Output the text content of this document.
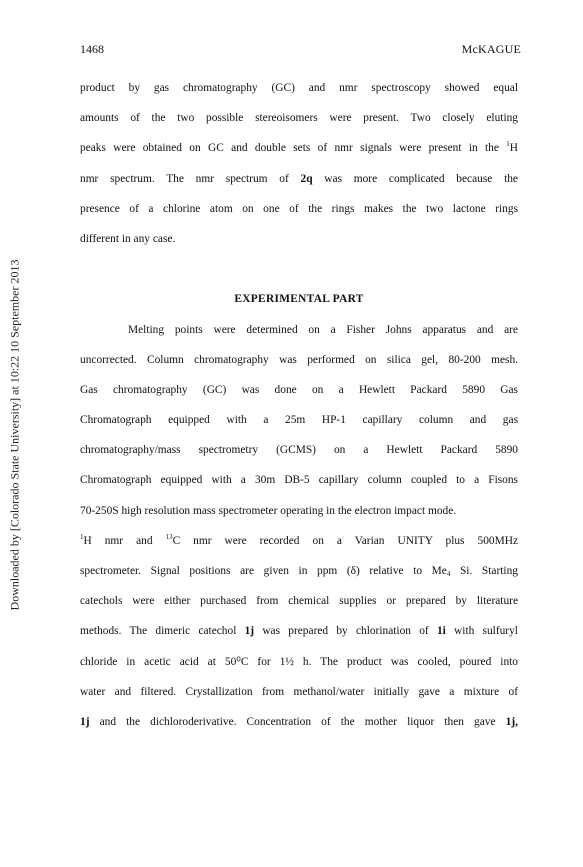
1468	McKAGUE
Downloaded by [Colorado State University] at 10:22 10 September 2013
product by gas chromatography (GC) and nmr spectroscopy showed equal
amounts of the two possible stereoisomers were present. Two closely eluting
peaks were obtained on GC and double sets of nmr signals were present in the $^1$H
nmr spectrum. The nmr spectrum of 2q was more complicated because the
presence of a chlorine atom on one of the rings makes the two lactone rings
different in any case.
EXPERIMENTAL PART
Melting points were determined on a Fisher Johns apparatus and are
uncorrected. Column chromatography was performed on silica gel, 80-200 mesh.
Gas chromatography (GC) was done on a Hewlett Packard 5890 Gas
Chromatograph equipped with a 25m HP-1 capillary column and gas
chromatography/mass spectrometry (GCMS) on a Hewlett Packard 5890
Chromatograph equipped with a 30m DB-5 capillary column coupled to a Fisons
70-250S high resolution mass spectrometer operating in the electron impact mode.
$^1$H nmr and $^{13}$C nmr were recorded on a Varian UNITY plus 500MHz
spectrometer. Signal positions are given in ppm (δ) relative to $Me_4$ Si. Starting
catechols were either purchased from chemical supplies or prepared by literature
methods. The dimeric catechol 1j was prepared by chlorination of 1i with sulfuryl
chloride in acetic acid at 50⁰C for 1½ h. The product was cooled, poured into
water and filtered. Crystallization from methanol/water initially gave a mixture of
1j and the dichloroderivative. Concentration of the mother liquor then gave 1j,
